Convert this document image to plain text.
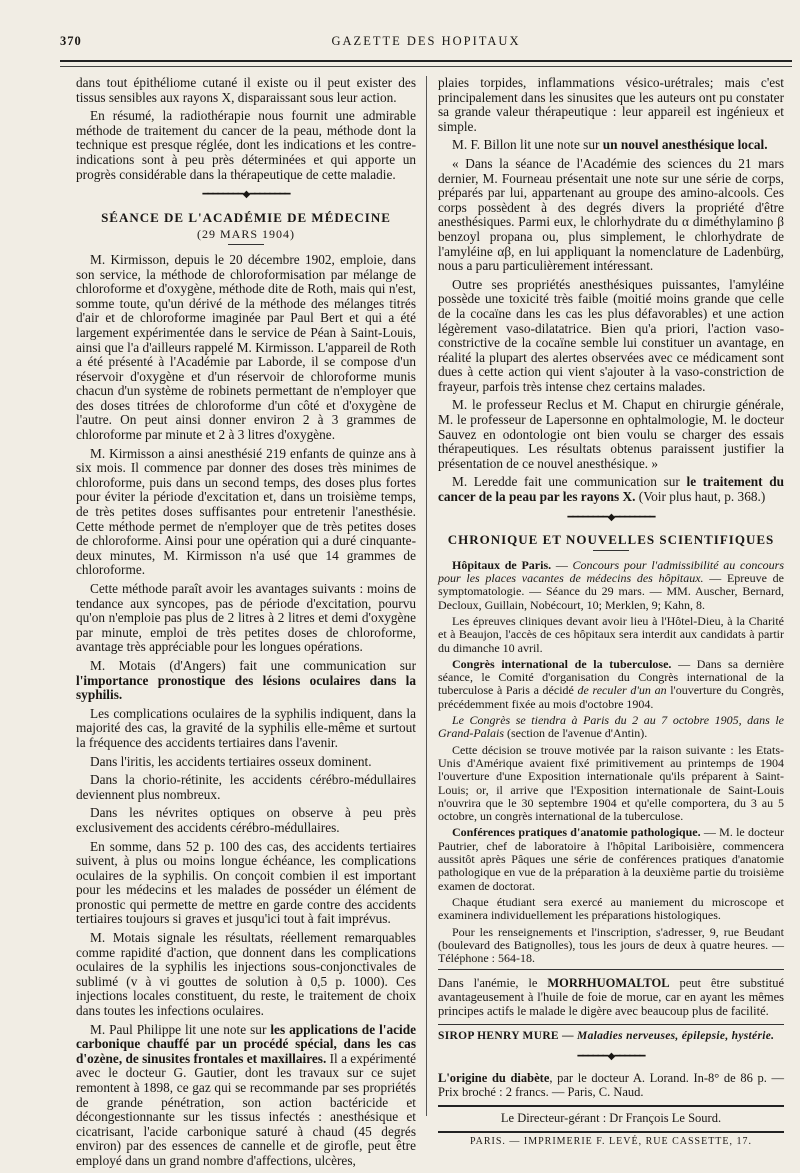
370	GAZETTE DES HOPITAUX

dans tout épithéliome cutané il existe ou il peut exister des tissus sensibles aux rayons X, disparaissant sous leur action.

En résumé, la radiothérapie nous fournit une admirable méthode de traitement du cancer de la peau, méthode dont la technique est presque réglée, dont les indications et les contre-indications sont à peu près déterminées et qui apporte un progrès considérable dans la thérapeutique de cette maladie.

━━━━━━━━◆━━━━━━━━
SÉANCE DE L'ACADÉMIE DE MÉDECINE
(29 MARS 1904)

M. Kirmisson, depuis le 20 décembre 1902, emploie, dans son service, la méthode de chloroformisation par mélange de chloroforme et d'oxygène, méthode dite de Roth, mais qui n'est, somme toute, qu'un dérivé de la méthode des mélanges titrés d'air et de chloroforme imaginée par Paul Bert et qui a été largement expérimentée dans le service de Péan à Saint-Louis, ainsi que l'a d'ailleurs rappelé M. Kirmisson. L'appareil de Roth a été présenté à l'Académie par Laborde, il se compose d'un réservoir d'oxygène et d'un réservoir de chloroforme munis chacun d'un système de robinets permettant de n'employer que des doses titrées de chloroforme d'un côté et d'oxygène de l'autre. On peut ainsi donner environ 2 à 3 grammes de chloroforme par minute et 2 à 3 litres d'oxygène.

M. Kirmisson a ainsi anesthésié 219 enfants de quinze ans à six mois. Il commence par donner des doses très minimes de chloroforme, puis dans un second temps, des doses plus fortes pour éviter la période d'excitation et, dans un troisième temps, de très petites doses suffisantes pour entretenir l'anesthésie. Cette méthode permet de n'employer que de très petites doses de chloroforme. Ainsi pour une opération qui a duré cinquante-deux minutes, M. Kirmisson n'a usé que 14 grammes de chloroforme.

Cette méthode paraît avoir les avantages suivants : moins de tendance aux syncopes, pas de période d'excitation, pourvu qu'on n'emploie pas plus de 2 litres à 2 litres et demi d'oxygène par minute, emploi de très petites doses de chloroforme, avantage très appréciable pour les longues opérations.

M. Motais (d'Angers) fait une communication sur l'importance pronostique des lésions oculaires dans la syphilis.

Les complications oculaires de la syphilis indiquent, dans la majorité des cas, la gravité de la syphilis elle-même et surtout la fréquence des accidents tertiaires dans l'avenir.

Dans l'iritis, les accidents tertiaires osseux dominent.

Dans la chorio-rétinite, les accidents cérébro-médullaires deviennent plus nombreux.

Dans les névrites optiques on observe à peu près exclusivement des accidents cérébro-médullaires.

En somme, dans 52 p. 100 des cas, des accidents tertiaires suivent, à plus ou moins longue échéance, les complications oculaires de la syphilis. On conçoit combien il est important pour les médecins et les malades de posséder un élément de pronostic qui permette de mettre en garde contre des accidents tertiaires toujours si graves et jusqu'ici tout à fait imprévus.

M. Motais signale les résultats, réellement remarquables comme rapidité d'action, que donnent dans les complications oculaires de la syphilis les injections sous-conjonctivales de sublimé (v à vi gouttes de solution à 0,5 p. 1000). Ces injections locales constituent, du reste, le traitement de choix dans toutes les infections oculaires.

M. Paul Philippe lit une note sur les applications de l'acide carbonique chauffé par un procédé spécial, dans les cas d'ozène, de sinusites frontales et maxillaires. Il a expérimenté avec le docteur G. Gautier, dont les travaux sur ce sujet remontent à 1898, ce gaz qui se recommande par ses propriétés de grande pénétration, son action bactéricide et décongestionnante sur les tissus infectés : anesthésique et cicatrisant, l'acide carbonique saturé à chaud (45 degrés environ) par des essences de cannelle et de girofle, peut être employé dans un grand nombre d'affections, ulcères,

plaies torpides, inflammations vésico-urétrales; mais c'est principalement dans les sinusites que les auteurs ont pu constater sa grande valeur thérapeutique : leur appareil est ingénieux et simple.

M. F. Billon lit une note sur un nouvel anesthésique local.

« Dans la séance de l'Académie des sciences du 21 mars dernier, M. Fourneau présentait une note sur une série de corps, préparés par lui, appartenant au groupe des amino-alcools. Ces corps possèdent à des degrés divers la propriété d'être anesthésiques. Parmi eux, le chlorhydrate du α diméthylamino β benzoyl propana ou, plus simplement, le chlorhydrate de l'amyléine αβ, en lui appliquant la nomenclature de Ladenbürg, nous a paru particulièrement intéressant.

Outre ses propriétés anesthésiques puissantes, l'amyléine possède une toxicité très faible (moitié moins grande que celle de la cocaïne dans les cas les plus défavorables) et une action légèrement vaso-dilatatrice. Bien qu'a priori, l'action vaso-constrictive de la cocaïne semble lui constituer un avantage, en réalité la plupart des alertes observées avec ce médicament sont dues à cette action qui vient s'ajouter à la vaso-constriction de frayeur, parfois très intense chez certains malades.

M. le professeur Reclus et M. Chaput en chirurgie générale, M. le professeur de Lapersonne en ophtalmologie, M. le docteur Sauvez en odontologie ont bien voulu se charger des essais thérapeutiques. Les résultats obtenus paraissent justifier la présentation de ce nouvel anesthésique. »

M. Leredde fait une communication sur le traitement du cancer de la peau par les rayons X. (Voir plus haut, p. 368.)

━━━━━━━━◆━━━━━━━━
CHRONIQUE ET NOUVELLES SCIENTIFIQUES

Hôpitaux de Paris. — Concours pour l'admissibilité au concours pour les places vacantes de médecins des hôpitaux. — Epreuve de symptomatologie. — Séance du 29 mars. — MM. Auscher, Bernard, Decloux, Guillain, Nobécourt, 10; Merklen, 9; Kahn, 8.

Les épreuves cliniques devant avoir lieu à l'Hôtel-Dieu, à la Charité et à Beaujon, l'accès de ces hôpitaux sera interdit aux candidats à partir du dimanche 10 avril.

Congrès international de la tuberculose. — Dans sa dernière séance, le Comité d'organisation du Congrès international de la tuberculose à Paris a décidé de reculer d'un an l'ouverture du Congrès, précédemment fixée au mois d'octobre 1904.

Le Congrès se tiendra à Paris du 2 au 7 octobre 1905, dans le Grand-Palais (section de l'avenue d'Antin).

Cette décision se trouve motivée par la raison suivante : les Etats-Unis d'Amérique avaient fixé primitivement au printemps de 1904 l'ouverture d'une Exposition internationale qu'ils préparent à Saint-Louis; or, il arrive que l'Exposition internationale de Saint-Louis n'ouvrira que le 30 septembre 1904 et qu'elle comportera, du 3 au 5 octobre, un congrès international de la tuberculose.

Conférences pratiques d'anatomie pathologique. — M. le docteur Pautrier, chef de laboratoire à l'hôpital Lariboisière, commencera aussitôt après Pâques une série de conférences pratiques d'anatomie pathologique en vue de la préparation à la deuxième partie du troisième examen de doctorat.

Chaque étudiant sera exercé au maniement du microscope et examinera individuellement les préparations histologiques.

Pour les renseignements et l'inscription, s'adresser, 9, rue Beudant (boulevard des Batignolles), tous les jours de deux à quatre heures. — Téléphone : 564-18.

Dans l'anémie, le MORRHUOMALTOL peut être substitué avantageusement à l'huile de foie de morue, car en ayant les mêmes principes actifs le malade le digère avec beaucoup plus de facilité.
SIROP HENRY MURE — Maladies nerveuses, épilepsie, hystérie.
━━━━━━◆━━━━━━
L'origine du diabète, par le docteur A. Lorand. In-8° de 86 p. — Prix broché : 2 francs. — Paris, C. Naud.
Le Directeur-gérant : Dr François Le Sourd.
PARIS. — IMPRIMERIE F. LEVÉ, RUE CASSETTE, 17.
